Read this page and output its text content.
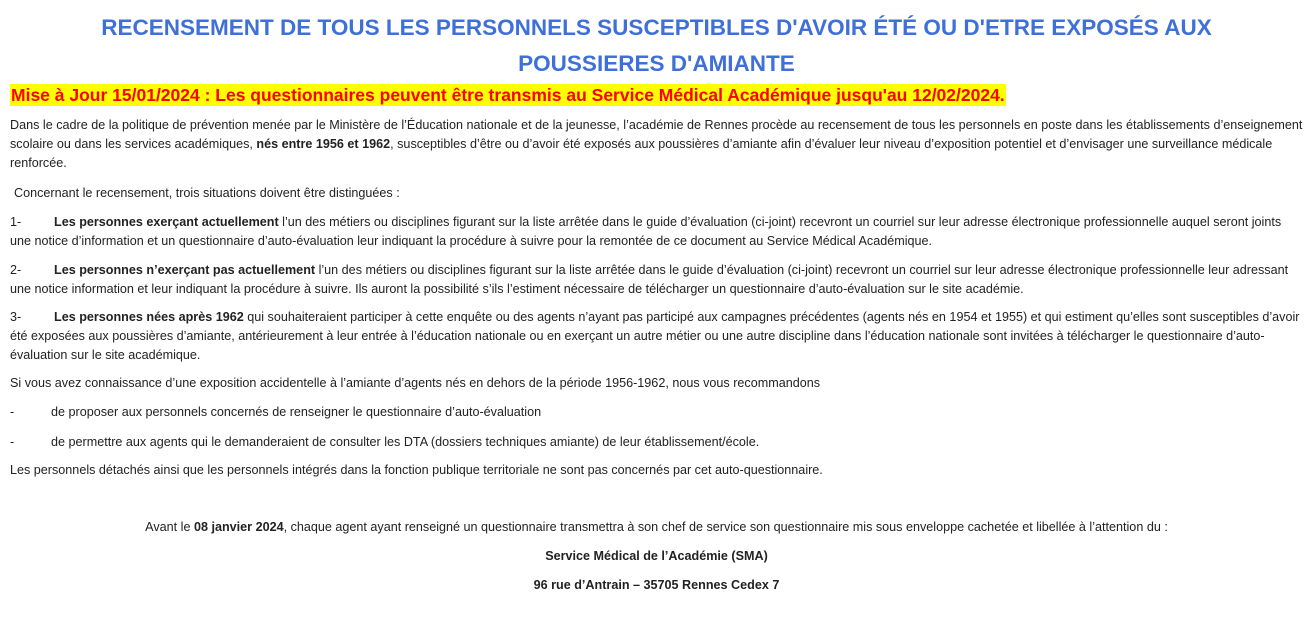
RECENSEMENT DE TOUS LES PERSONNELS SUSCEPTIBLES D'AVOIR ÉTÉ OU D'ETRE EXPOSÉS AUX POUSSIERES D'AMIANTE
Mise à Jour 15/01/2024 : Les questionnaires peuvent être transmis au Service Médical Académique jusqu'au 12/02/2024.

Dans le cadre de la politique de prévention menée par le Ministère de l’Éducation nationale et de la jeunesse, l’académie de Rennes procède au recensement de tous les personnels en poste dans les établissements d’enseignement scolaire ou dans les services académiques, nés entre 1956 et 1962, susceptibles d’être ou d’avoir été exposés aux poussières d’amiante afin d’évaluer leur niveau d’exposition potentiel et d’envisager une surveillance médicale renforcée.

Concernant le recensement, trois situations doivent être distinguées :

1-	Les personnes exerçant actuellement l’un des métiers ou disciplines figurant sur la liste arrêtée dans le guide d’évaluation (ci-joint) recevront un courriel sur leur adresse électronique professionnelle auquel seront joints une notice d’information et un questionnaire d’auto-évaluation leur indiquant la procédure à suivre pour la remontée de ce document au Service Médical Académique.

2-	Les personnes n’exerçant pas actuellement l’un des métiers ou disciplines figurant sur la liste arrêtée dans le guide d’évaluation (ci-joint) recevront un courriel sur leur adresse électronique professionnelle leur adressant une notice information et leur indiquant la procédure à suivre. Ils auront la possibilité s’ils l’estiment nécessaire de télécharger un questionnaire d’auto-évaluation sur le site académie.

3-	Les personnes nées après 1962 qui souhaiteraient participer à cette enquête ou des agents n’ayant pas participé aux campagnes précédentes (agents nés en 1954 et 1955) et qui estiment qu’elles sont susceptibles d’avoir été exposées aux poussières d’amiante, antérieurement à leur entrée à l’éducation nationale ou en exerçant un autre métier ou une autre discipline dans l’éducation nationale sont invitées à télécharger le questionnaire d’auto-évaluation sur le site académique.

Si vous avez connaissance d’une exposition accidentelle à l’amiante d’agents nés en dehors de la période 1956-1962, nous vous recommandons

-	de proposer aux personnels concernés de renseigner le questionnaire d’auto-évaluation

-	de permettre aux agents qui le demanderaient de consulter les DTA (dossiers techniques amiante) de leur établissement/école.

Les personnels détachés ainsi que les personnels intégrés dans la fonction publique territoriale ne sont pas concernés par cet auto-questionnaire.

Avant le 08 janvier 2024, chaque agent ayant renseigné un questionnaire transmettra à son chef de service son questionnaire mis sous enveloppe cachetée et libellée à l’attention du :

Service Médical de l’Académie (SMA)

96 rue d’Antrain – 35705 Rennes Cedex 7
